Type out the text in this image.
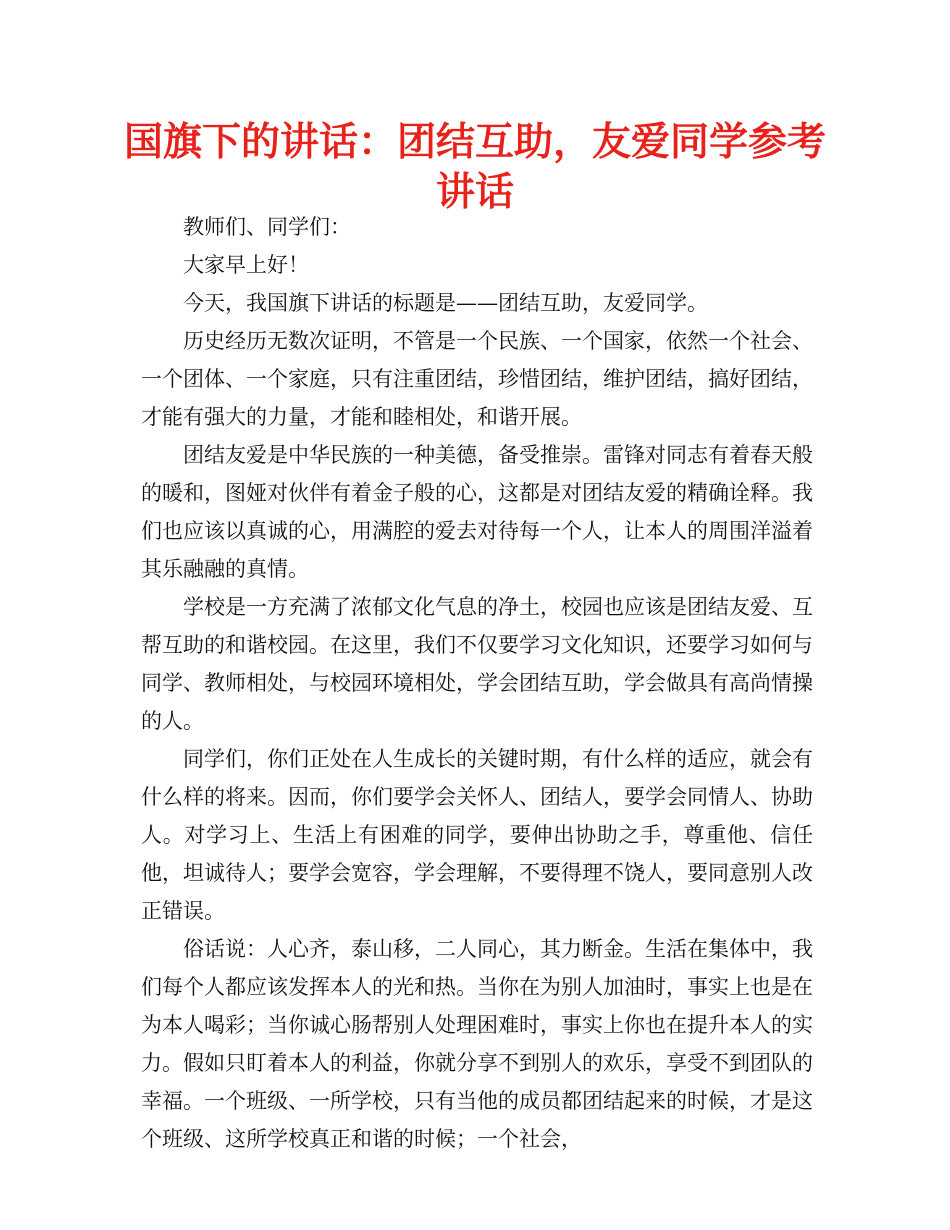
国旗下的讲话：团结互助，友爱同学参考讲话

教师们、同学们：

大家早上好！

今天，我国旗下讲话的标题是——团结互助，友爱同学。

历史经历无数次证明，不管是一个民族、一个国家，依然一个社会、一个团体、一个家庭，只有注重团结，珍惜团结，维护团结，搞好团结，才能有强大的力量，才能和睦相处，和谐开展。

团结友爱是中华民族的一种美德，备受推崇。雷锋对同志有着春天般的暖和，图娅对伙伴有着金子般的心，这都是对团结友爱的精确诠释。我们也应该以真诚的心，用满腔的爱去对待每一个人，让本人的周围洋溢着其乐融融的真情。

学校是一方充满了浓郁文化气息的净土，校园也应该是团结友爱、互帮互助的和谐校园。在这里，我们不仅要学习文化知识，还要学习如何与同学、教师相处，与校园环境相处，学会团结互助，学会做具有高尚情操的人。

同学们，你们正处在人生成长的关键时期，有什么样的适应，就会有什么样的将来。因而，你们要学会关怀人、团结人，要学会同情人、协助人。对学习上、生活上有困难的同学，要伸出协助之手，尊重他、信任他，坦诚待人；要学会宽容，学会理解，不要得理不饶人，要同意别人改正错误。

俗话说：人心齐，泰山移，二人同心，其力断金。生活在集体中，我们每个人都应该发挥本人的光和热。当你在为别人加油时，事实上也是在为本人喝彩；当你诚心肠帮别人处理困难时，事实上你也在提升本人的实力。假如只盯着本人的利益，你就分享不到别人的欢乐，享受不到团队的幸福。一个班级、一所学校，只有当他的成员都团结起来的时候，才是这个班级、这所学校真正和谐的时候；一个社会，
